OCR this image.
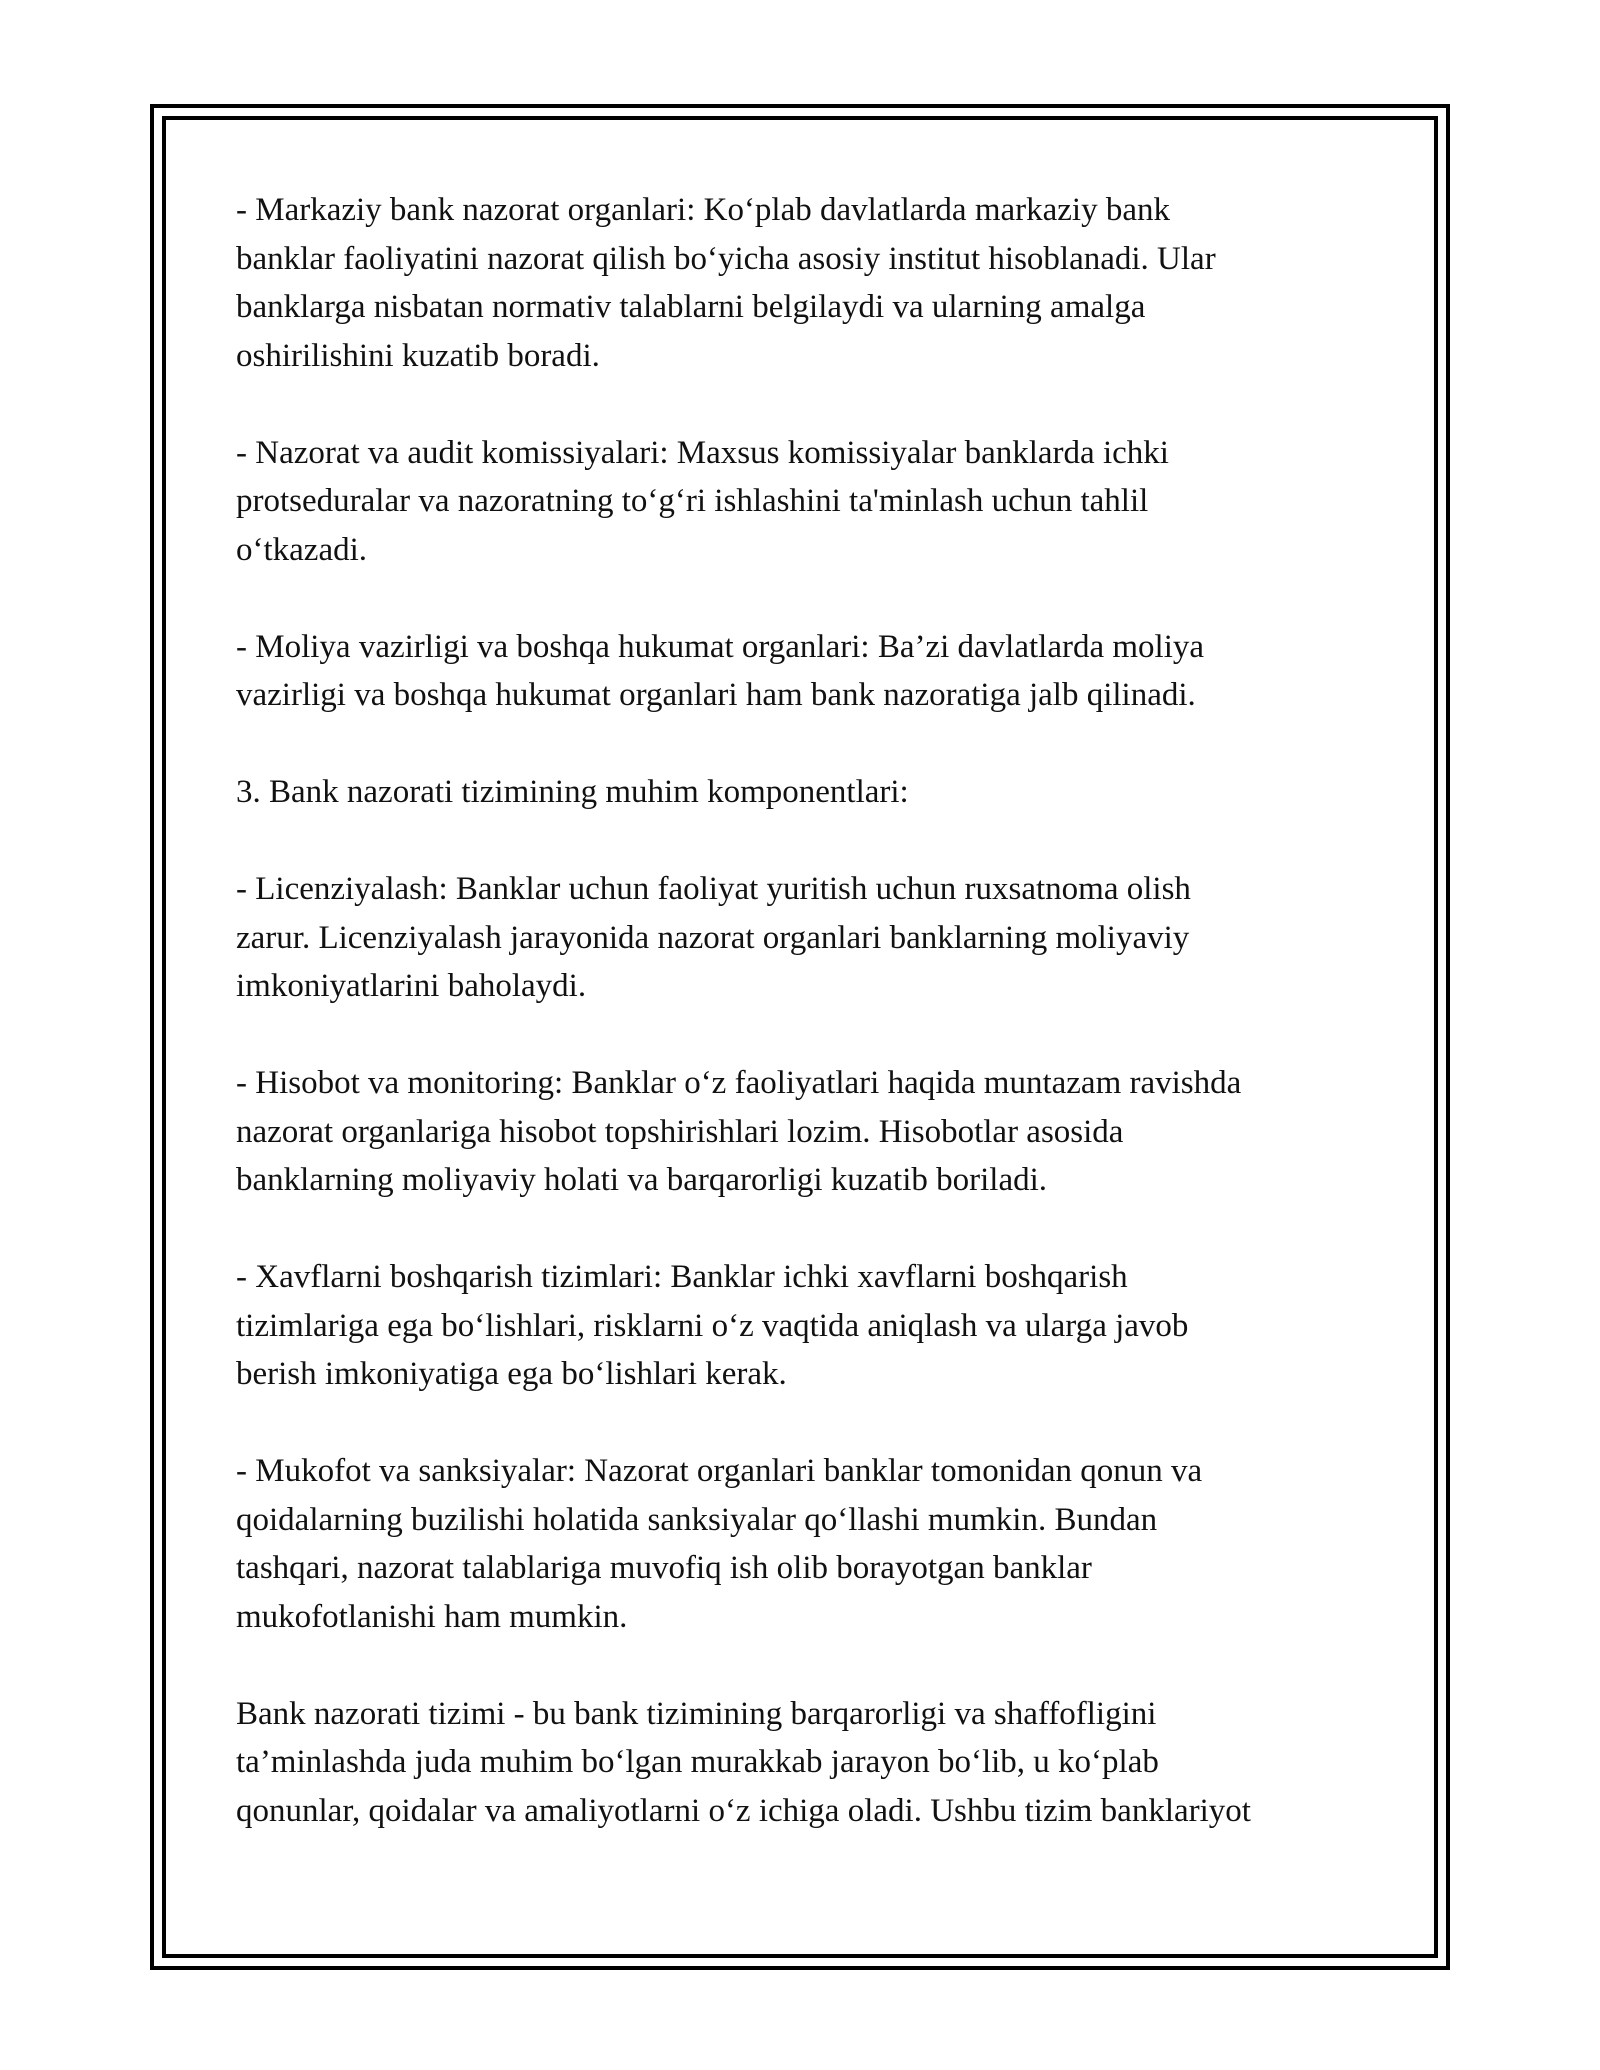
- Markaziy bank nazorat organlari: Koʻplab davlatlarda markaziy bank
banklar faoliyatini nazorat qilish boʻyicha asosiy institut hisoblanadi. Ular
banklarga nisbatan normativ talablarni belgilaydi va ularning amalga
oshirilishini kuzatib boradi.

- Nazorat va audit komissiyalari: Maxsus komissiyalar banklarda ichki
protseduralar va nazoratning toʻgʻri ishlashini ta'minlash uchun tahlil
oʻtkazadi.

- Moliya vazirligi va boshqa hukumat organlari: Ba’zi davlatlarda moliya
vazirligi va boshqa hukumat organlari ham bank nazoratiga jalb qilinadi.

3. Bank nazorati tizimining muhim komponentlari:

- Licenziyalash: Banklar uchun faoliyat yuritish uchun ruxsatnoma olish
zarur. Licenziyalash jarayonida nazorat organlari banklarning moliyaviy
imkoniyatlarini baholaydi.

- Hisobot va monitoring: Banklar oʻz faoliyatlari haqida muntazam ravishda
nazorat organlariga hisobot topshirishlari lozim. Hisobotlar asosida
banklarning moliyaviy holati va barqarorligi kuzatib boriladi.

- Xavflarni boshqarish tizimlari: Banklar ichki xavflarni boshqarish
tizimlariga ega boʻlishlari, risklarni oʻz vaqtida aniqlash va ularga javob
berish imkoniyatiga ega boʻlishlari kerak.

- Mukofot va sanksiyalar: Nazorat organlari banklar tomonidan qonun va
qoidalarning buzilishi holatida sanksiyalar qoʻllashi mumkin. Bundan
tashqari, nazorat talablariga muvofiq ish olib borayotgan banklar
mukofotlanishi ham mumkin.

Bank nazorati tizimi - bu bank tizimining barqarorligi va shaffofligini
ta’minlashda juda muhim boʻlgan murakkab jarayon boʻlib, u koʻplab
qonunlar, qoidalar va amaliyotlarni oʻz ichiga oladi. Ushbu tizim banklariyot
